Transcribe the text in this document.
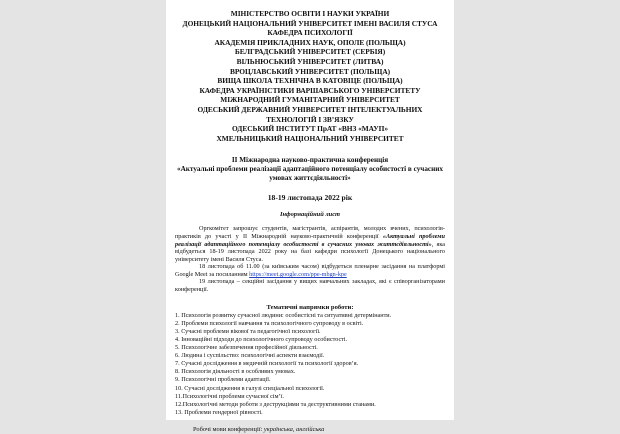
МІНІСТЕРСТВО ОСВІТИ І НАУКИ УКРАЇНИ
ДОНЕЦЬКИЙ НАЦІОНАЛЬНИЙ УНІВЕРСИТЕТ ІМЕНІ ВАСИЛЯ СТУСА
КАФЕДРА ПСИХОЛОГІЇ
АКАДЕМІЯ ПРИКЛАДНИХ НАУК, ОПОЛЕ (ПОЛЬЩА)
БЕЛГРАДСЬКИЙ УНІВЕРСИТЕТ (СЕРБІЯ)
ВІЛЬНЮСЬКИЙ УНІВЕРСИТЕТ (ЛИТВА)
ВРОЦЛАВСЬКИЙ УНІВЕРСИТЕТ (ПОЛЬЩА)
ВИЩА ШКОЛА ТЕХНІЧНА В КАТОВІЦЕ (ПОЛЬЩА)
КАФЕДРА УКРАЇНІСТИКИ ВАРШАВСЬКОГО УНІВЕРСИТЕТУ
МІЖНАРОДНИЙ ГУМАНІТАРНИЙ УНІВЕРСИТЕТ
ОДЕСЬКИЙ ДЕРЖАВНИЙ УНІВЕРСИТЕТ ІНТЕЛЕКТУАЛЬНИХ ТЕХНОЛОГІЙ І ЗВ’ЯЗКУ
ОДЕСЬКИЙ ІНСТИТУТ ПрАТ «ВНЗ «МАУП»
ХМЕЛЬНИЦЬКИЙ НАЦІОНАЛЬНИЙ УНІВЕРСИТЕТ
ІІ Міжнародна науково-практична конференція
«Актуальні проблеми реалізації адаптаційного потенціалу особистості в сучасних умовах життєдіяльності»
18-19 листопада 2022 рік
Інформаційний лист
Оргкомітет запрошує студентів, магістрантів, аспірантів, молодих вчених, психологів-практиків до участі у ІІ Міжнародній науково-практичній конференції «Актуальні проблеми реалізації адаптаційного потенціалу особистості в сучасних умовах життєдіяльності», яка відбудеться 18-19 листопада 2022 року на базі кафедри психології Донецького національного університету імені Василя Стуса.
18 листопада об 11.00 (за київським часом) відбудеться пленарне засідання на платформі Google Meet за посиланням https://meet.google.com/ppe-mbgn-kpe
19 листопада – секційні засідання у вищих навчальних закладах, які є співорганізаторами конференції.
Тематичні напрямки роботи:
1. Психологія розвитку сучасної людини: особистісні та ситуативні детермінанти.
2. Проблеми психології навчання та психологічного супроводу в освіті.
3. Сучасні проблеми вікової та педагогічної психології.
4. Інноваційні підходи до психологічного супроводу особистості.
5. Психологічне забезпечення професійної діяльності.
6. Людина і суспільство: психологічні аспекти взаємодії.
7. Сучасні дослідження в медичній психології та психології здоров’я.
8. Психологія діяльності в особливих умовах.
9. Психологічні проблеми адаптації.
10. Сучасні дослідження в галузі спеціальної психології.
11.Психологічні проблеми сучасної сім’ї.
12.Психологічні методи роботи з деструкціями та деструктивними станами.
13. Проблеми гендерної рівності.
Робочі мови конференції: українська, англійська
